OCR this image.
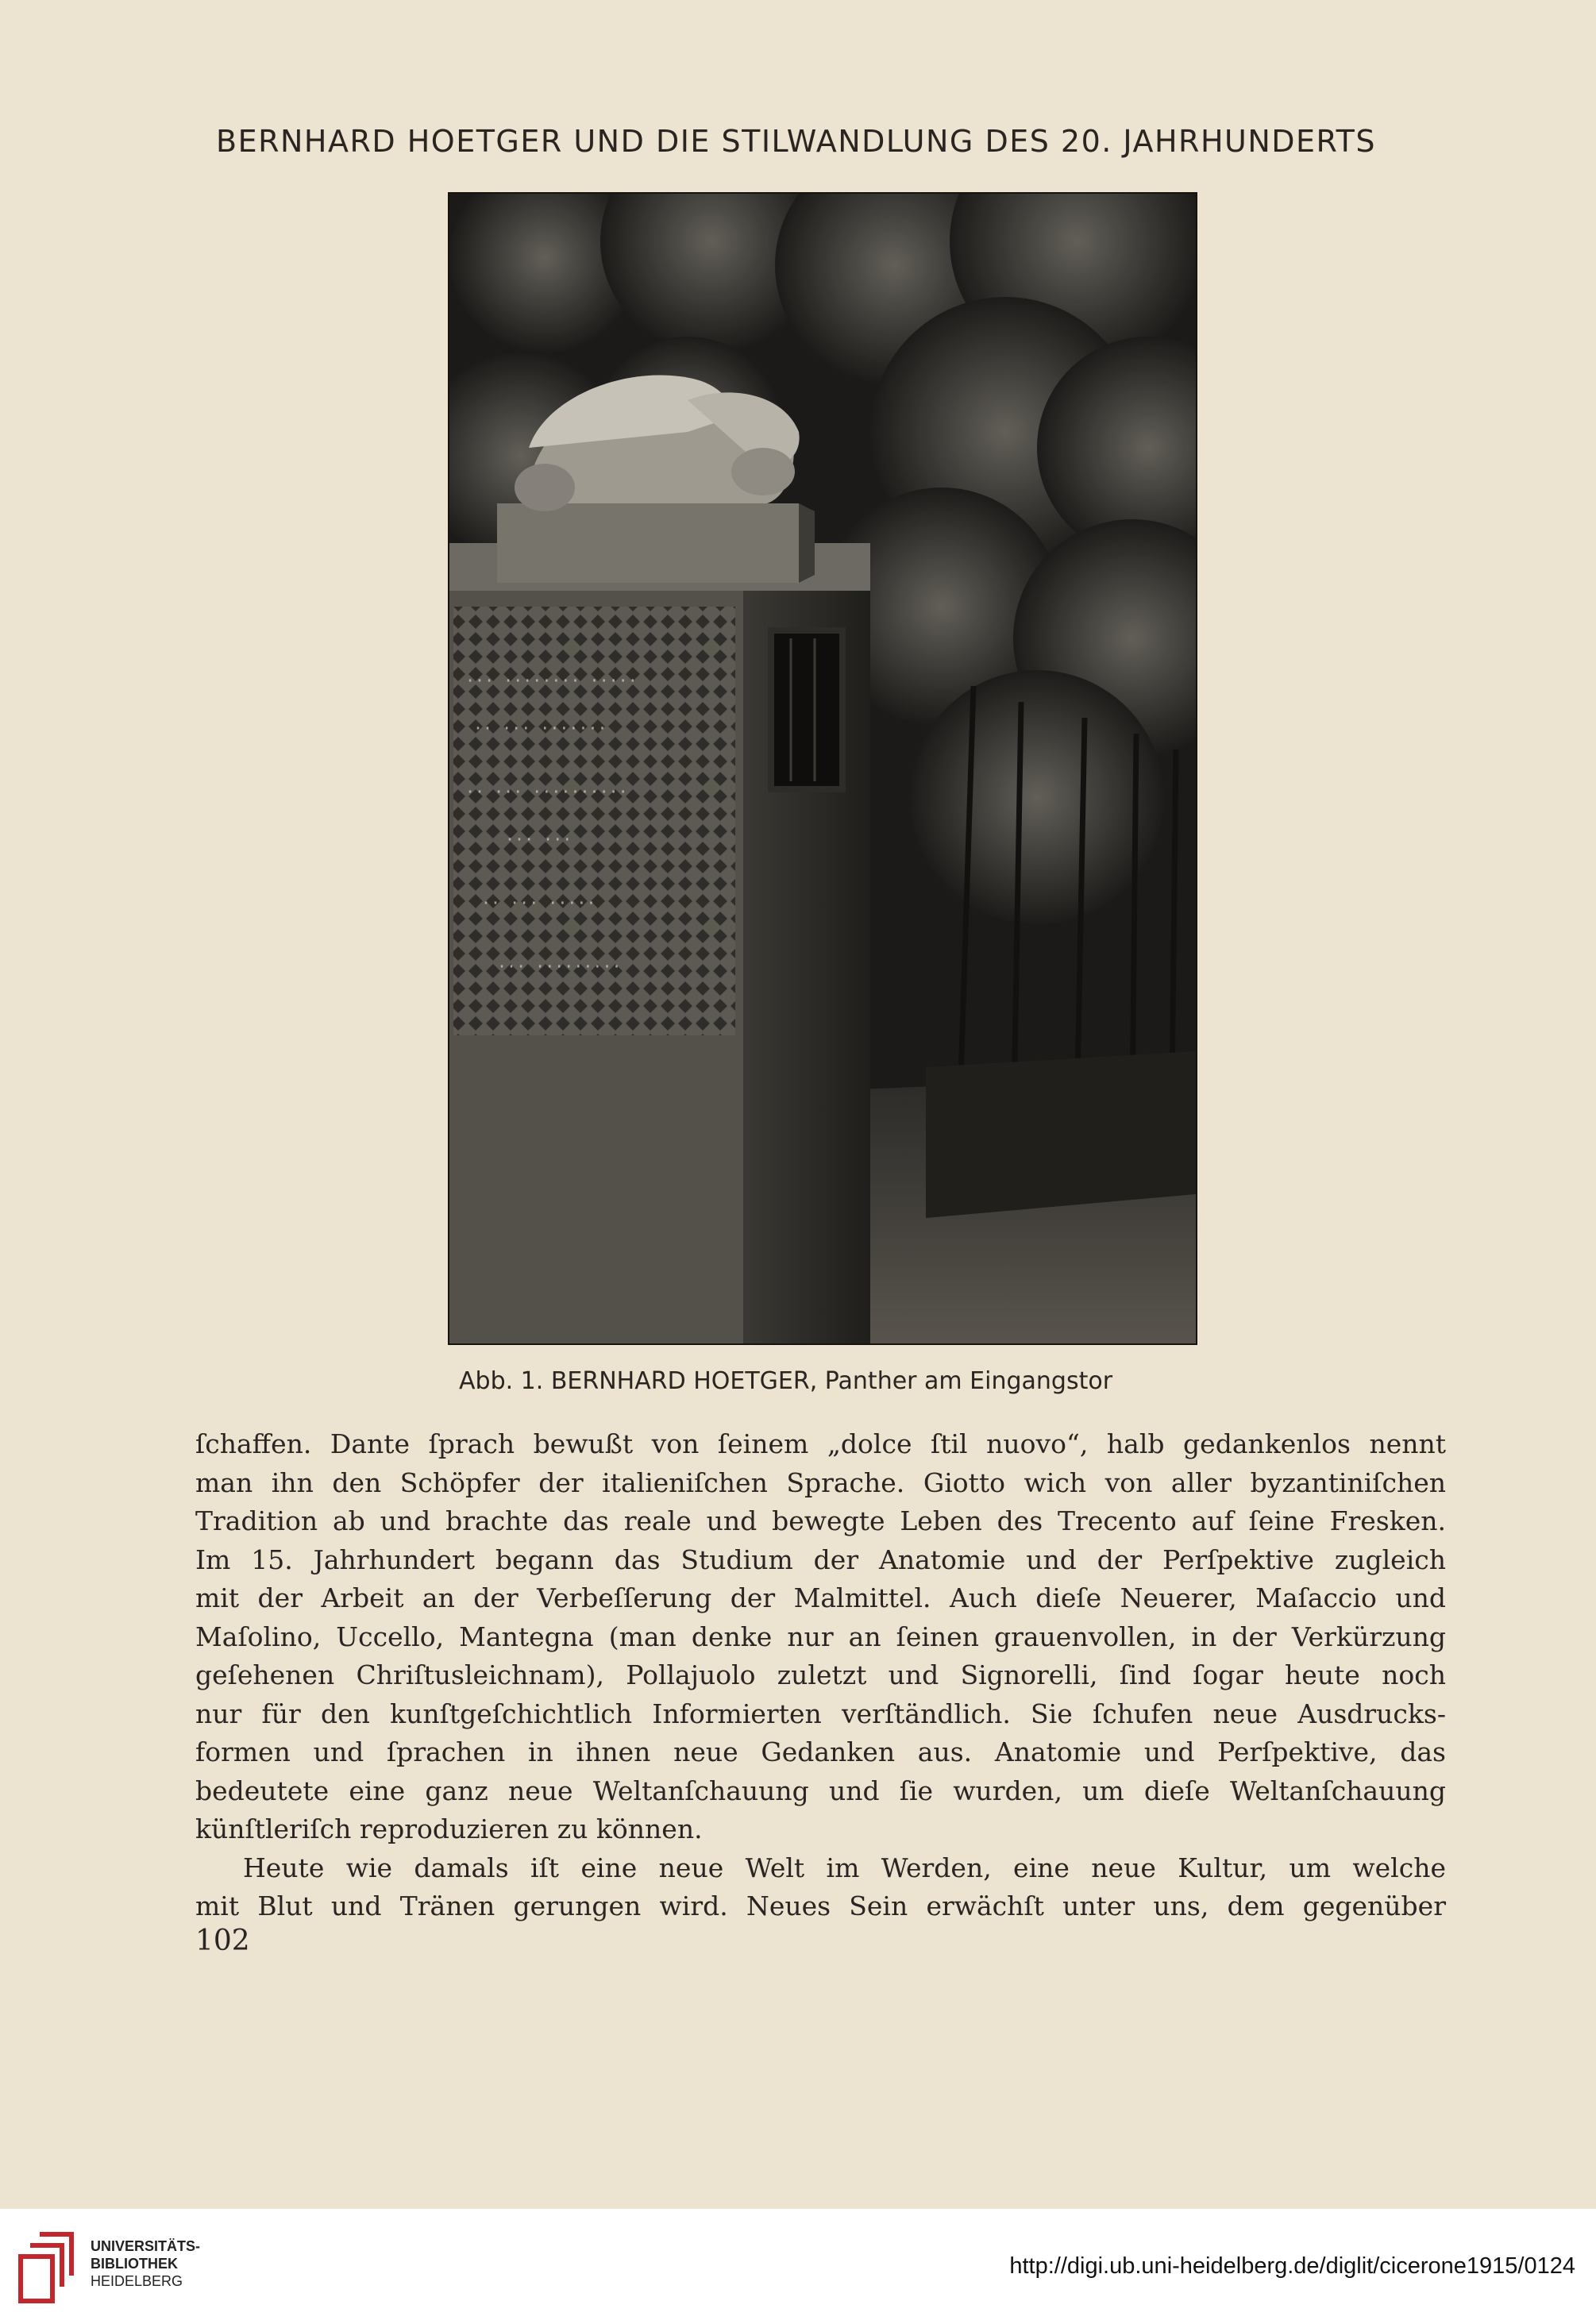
BERNHARD HOETGER UND DIE STILWANDLUNG DES 20. JAHRHUNDERTS
··· ········ ·····
·· ··· ·······
·· ··· ··········
··· ···
·· ··· ·····
··· ·········
Abb. 1. BERNHARD HOETGER, Panther am Eingangstor
ſchaffen. Dante ſprach bewußt von ſeinem „dolce ſtil nuovo“, halb gedankenlos nennt
man ihn den Schöpfer der italieniſchen Sprache. Giotto wich von aller byzantiniſchen
Tradition ab und brachte das reale und bewegte Leben des Trecento auf ſeine Fresken.
Im 15. Jahrhundert begann das Studium der Anatomie und der Perſpektive zugleich
mit der Arbeit an der Verbeſſerung der Malmittel. Auch dieſe Neuerer, Maſaccio und
Maſolino, Uccello, Mantegna (man denke nur an ſeinen grauenvollen, in der Verkürzung
geſehenen Chriſtusleichnam), Pollajuolo zuletzt und Signorelli, ſind ſogar heute noch
nur für den kunſtgeſchichtlich Informierten verſtändlich. Sie ſchufen neue Ausdrucks-
formen und ſprachen in ihnen neue Gedanken aus. Anatomie und Perſpektive, das
bedeutete eine ganz neue Weltanſchauung und ſie wurden, um dieſe Weltanſchauung
künſtleriſch reproduzieren zu können.
Heute wie damals iſt eine neue Welt im Werden, eine neue Kultur, um welche
mit Blut und Tränen gerungen wird. Neues Sein erwächſt unter uns, dem gegenüber
102
UNIVERSITÄTS-
BIBLIOTHEK
HEIDELBERG
http://digi.ub.uni-heidelberg.de/diglit/cicerone1915/0124
